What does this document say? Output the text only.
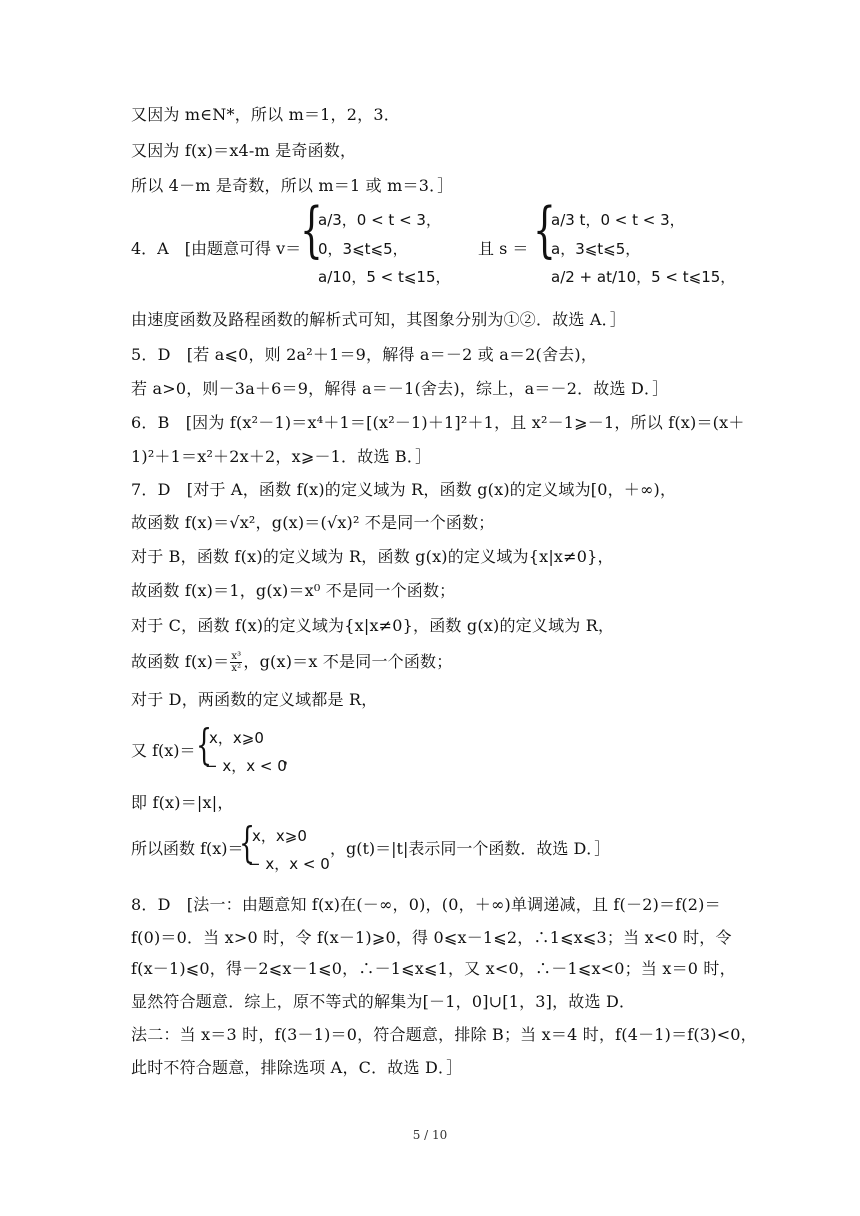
又因为 m∈N*，所以 m＝1，2，3．
又因为 f(x)＝x4-m 是奇函数，
所以 4－m 是奇数，所以 m＝1 或 m＝3．］
4．A　[由题意可得 v＝
{
a/3，0 < t < 3，
0，3⩽t⩽5，
a/10，5 < t⩽15，
且 s ＝ {
a/3 t，0 < t < 3，
a，3⩽t⩽5，
a/2 + at/10，5 < t⩽15，
由速度函数及路程函数的解析式可知，其图象分别为①②．故选 A．］
5．D　[若 a⩽0，则 2a²＋1＝9，解得 a＝－2 或 a＝2(舍去)，
若 a>0，则－3a＋6＝9，解得 a＝－1(舍去)，综上，a＝－2．故选 D．］
6．B　[因为 f(x²－1)＝x⁴＋1＝[(x²－1)＋1]²＋1，且 x²－1⩾－1，所以 f(x)＝(x＋
1)²＋1＝x²＋2x＋2，x⩾－1．故选 B．］
7．D　[对于 A，函数 f(x)的定义域为 R，函数 g(x)的定义域为[0，＋∞)，
故函数 f(x)＝√x²，g(x)＝(√x)² 不是同一个函数；
对于 B，函数 f(x)的定义域为 R，函数 g(x)的定义域为{x|x≠0}，
故函数 f(x)＝1，g(x)＝x⁰ 不是同一个函数；
对于 C，函数 f(x)的定义域为{x|x≠0}，函数 g(x)的定义域为 R，
故函数 $f(x)= \frac{\text{x³}}{\text{x²}}$ ，g(x)＝x 不是同一个函数；
对于 D，两函数的定义域都是 R，
又 f(x)＝ {
x，x⩾0
− x，x < 0
，
即 f(x)＝|x|，
所以函数 f(x)＝
{
x，x⩾0
− x，x < 0
，g(t)＝|t|表示同一个函数．故选 D．］
8．D　[法一：由题意知 f(x)在(－∞，0)，(0，＋∞)单调递减，且 f(－2)＝f(2)＝
f(0)＝0．当 x>0 时，令 f(x－1)⩾0，得 0⩽x－1⩽2，∴1⩽x⩽3；当 x<0 时，令
f(x－1)⩽0，得－2⩽x－1⩽0，∴－1⩽x⩽1，又 x<0，∴－1⩽x<0；当 x＝0 时，
显然符合题意．综上，原不等式的解集为[－1，0]∪[1，3]，故选 D．
法二：当 x＝3 时，f(3－1)＝0，符合题意，排除 B；当 x＝4 时，f(4－1)＝f(3)<0，
此时不符合题意，排除选项 A，C．故选 D．］
5 / 10
